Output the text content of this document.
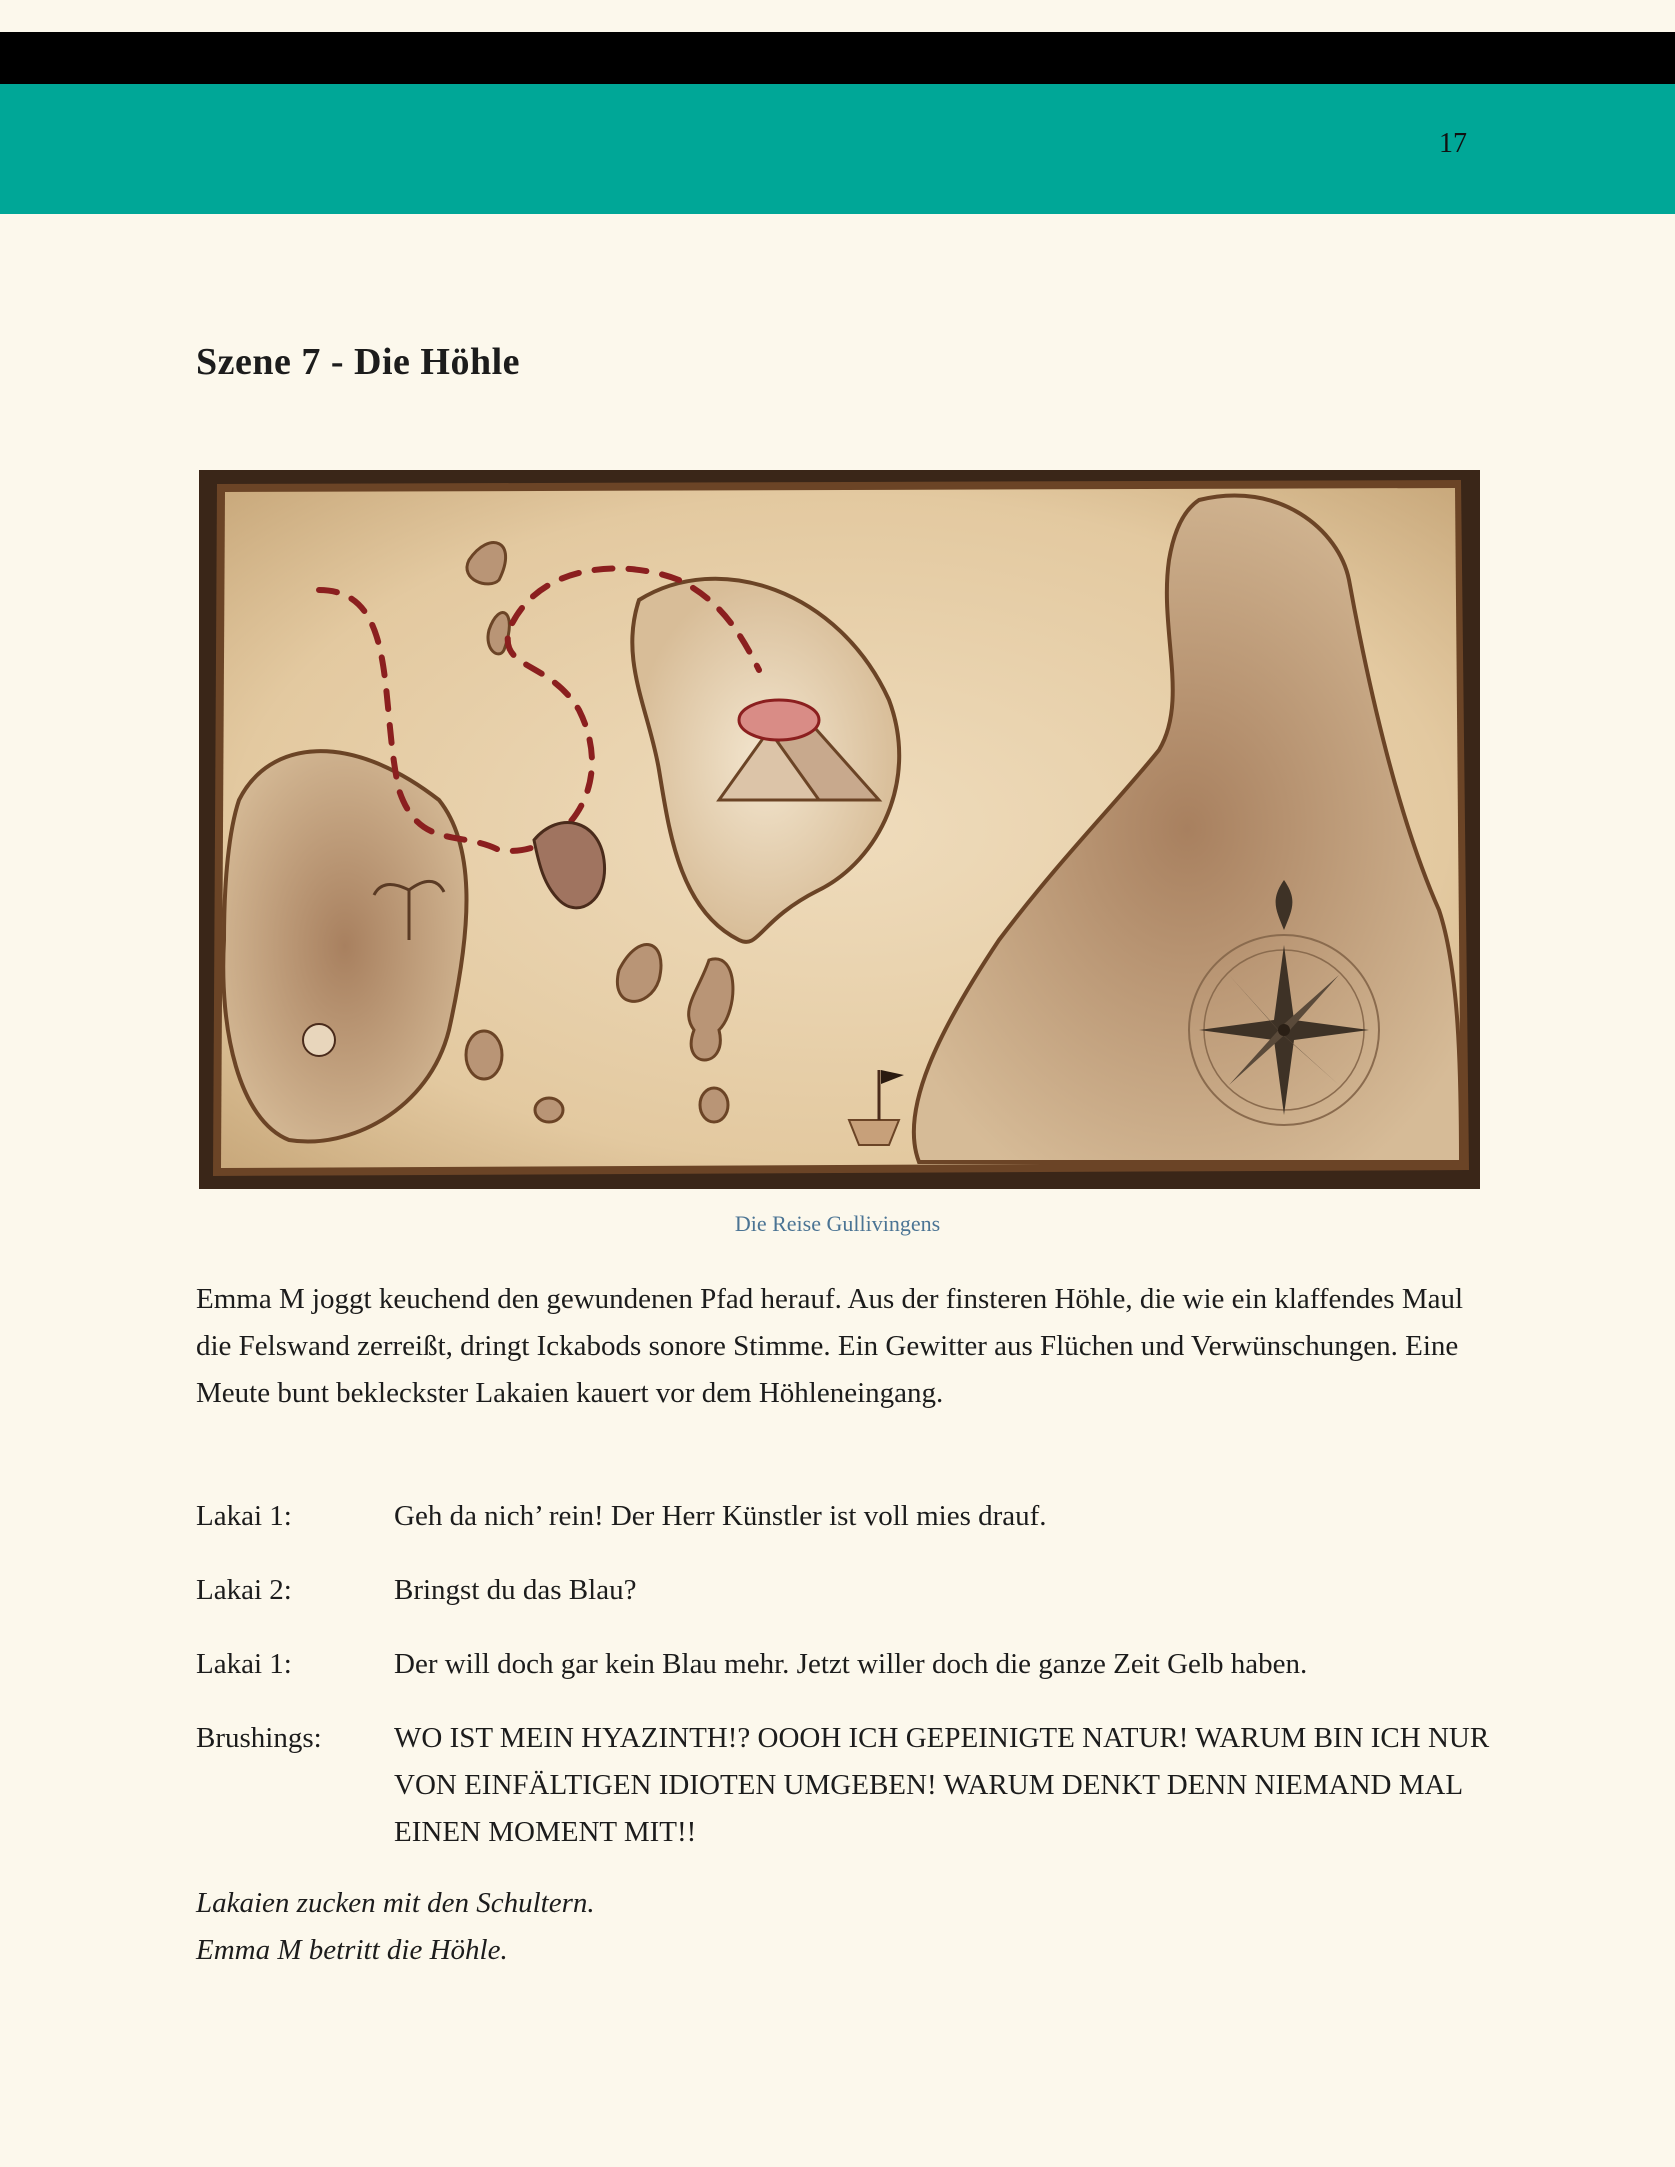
17
Szene 7 - Die Höhle
Die Reise Gullivingens

Emma M joggt keuchend den gewundenen Pfad herauf. Aus der finsteren Höhle, die wie ein klaffendes Maul die Felswand zerreißt, dringt Ickabods sonore Stimme. Ein Gewitter aus Flüchen und Verwünschungen. Eine Meute bunt bekleckster Lakaien kauert vor dem Höhleneingang.

Lakai 1:	Geh da nich’ rein! Der Herr Künstler ist voll mies drauf.
Lakai 2:	Bringst du das Blau?
Lakai 1:	Der will doch gar kein Blau mehr. Jetzt willer doch die ganze Zeit Gelb haben.
Brushings:	WO IST MEIN HYAZINTH!? OOOH ICH GEPEINIGTE NATUR! WARUM BIN ICH NUR VON EINFÄLTIGEN IDIOTEN UMGEBEN! WARUM DENKT DENN NIEMAND MAL EINEN MOMENT MIT!!
Lakaien zucken mit den Schultern.
Emma M betritt die Höhle.
